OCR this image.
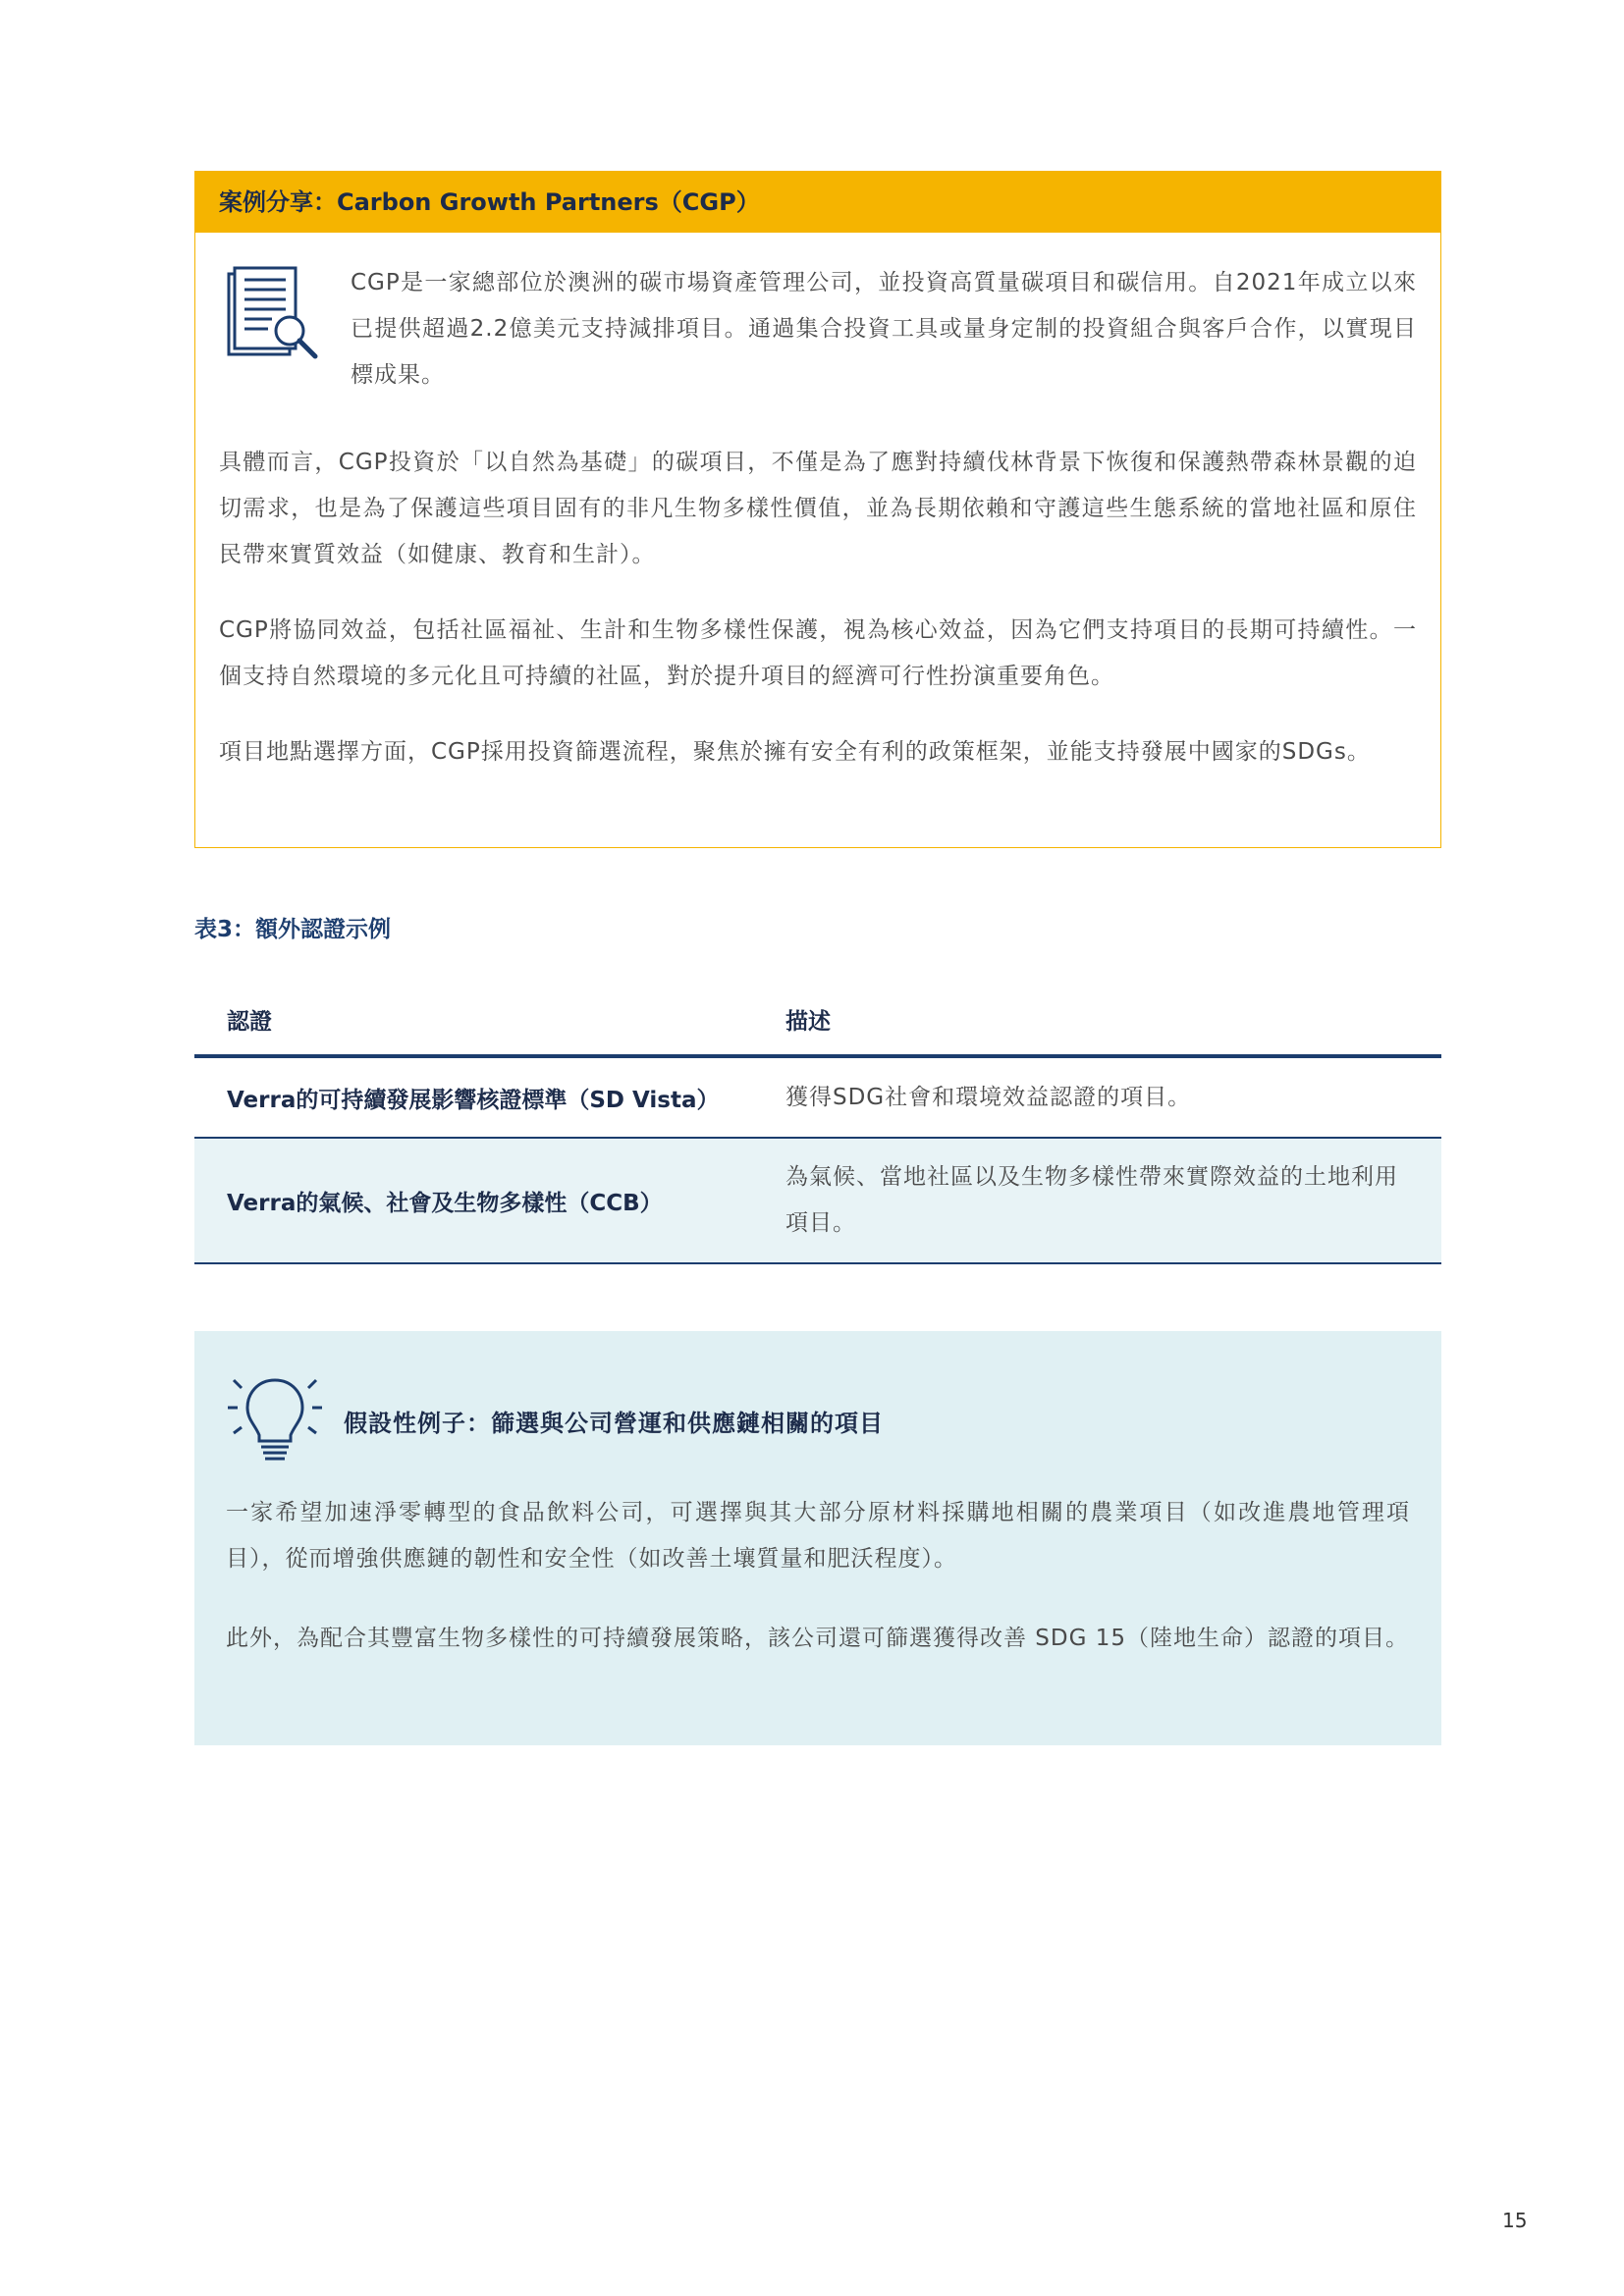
案例分享：Carbon Growth Partners（CGP）

CGP是一家總部位於澳洲的碳市場資產管理公司，並投資高質量碳項目和碳信用。自2021年成立以來已提供超過2.2億美元支持減排項目。通過集合投資工具或量身定制的投資組合與客戶合作，以實現目標成果。

具體而言，CGP投資於「以自然為基礎」的碳項目，不僅是為了應對持續伐林背景下恢復和保護熱帶森林景觀的迫切需求，也是為了保護這些項目固有的非凡生物多樣性價值，並為長期依賴和守護這些生態系統的當地社區和原住民帶來實質效益（如健康、教育和生計）。

CGP將協同效益，包括社區福祉、生計和生物多樣性保護，視為核心效益，因為它們支持項目的長期可持續性。一個支持自然環境的多元化且可持續的社區，對於提升項目的經濟可行性扮演重要角色。

項目地點選擇方面，CGP採用投資篩選流程，聚焦於擁有安全有利的政策框架，並能支持發展中國家的SDGs。

表3：額外認證示例
認證	描述
Verra的可持續發展影響核證標準（SD Vista）	獲得SDG社會和環境效益認證的項目。
Verra的氣候、社會及生物多樣性（CCB）
為氣候、當地社區以及生物多樣性帶來實際效益的土地利用項目。
假設性例子：篩選與公司營運和供應鏈相關的項目

一家希望加速淨零轉型的食品飲料公司，可選擇與其大部分原材料採購地相關的農業項目（如改進農地管理項目），從而增強供應鏈的韌性和安全性（如改善土壤質量和肥沃程度）。

此外，為配合其豐富生物多樣性的可持續發展策略，該公司還可篩選獲得改善 SDG 15（陸地生命）認證的項目。

15
